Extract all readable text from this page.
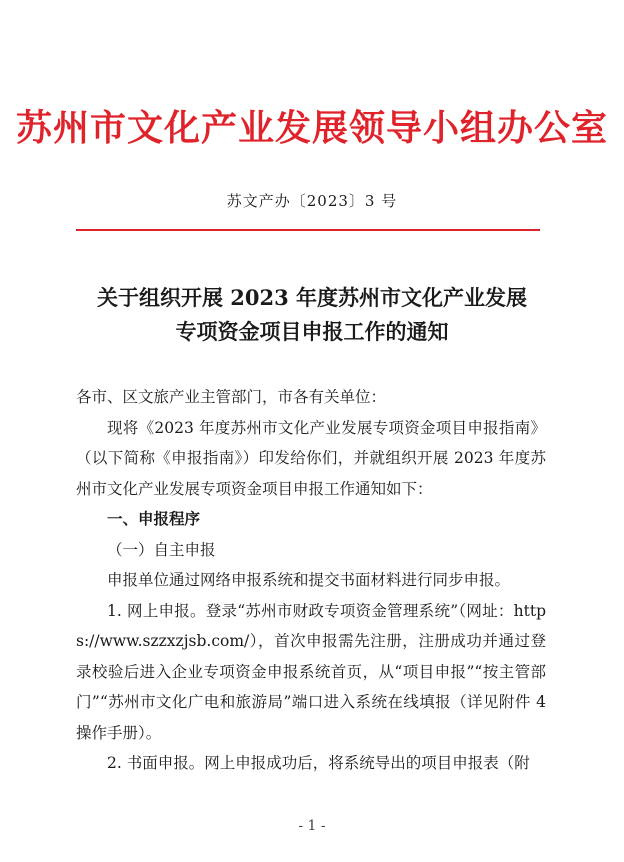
苏州市文化产业发展领导小组办公室
苏文产办〔2023〕3 号
关于组织开展 2023 年度苏州市文化产业发展
专项资金项目申报工作的通知

各市、区文旅产业主管部门，市各有关单位：

现将《2023 年度苏州市文化产业发展专项资金项目申报指南》（以下简称《申报指南》）印发给你们，并就组织开展 2023 年度苏州市文化产业发展专项资金项目申报工作通知如下：

一、申报程序

（一）自主申报

申报单位通过网络申报系统和提交书面材料进行同步申报。

1. 网上申报。登录“苏州市财政专项资金管理系统”（网址：https://www.szzxzjsb.com/），首次申报需先注册，注册成功并通过登录校验后进入企业专项资金申报系统首页，从“项目申报”“按主管部门”“苏州市文化广电和旅游局”端口进入系统在线填报（详见附件 4 操作手册）。

2. 书面申报。网上申报成功后，将系统导出的项目申报表（附

- 1 -
